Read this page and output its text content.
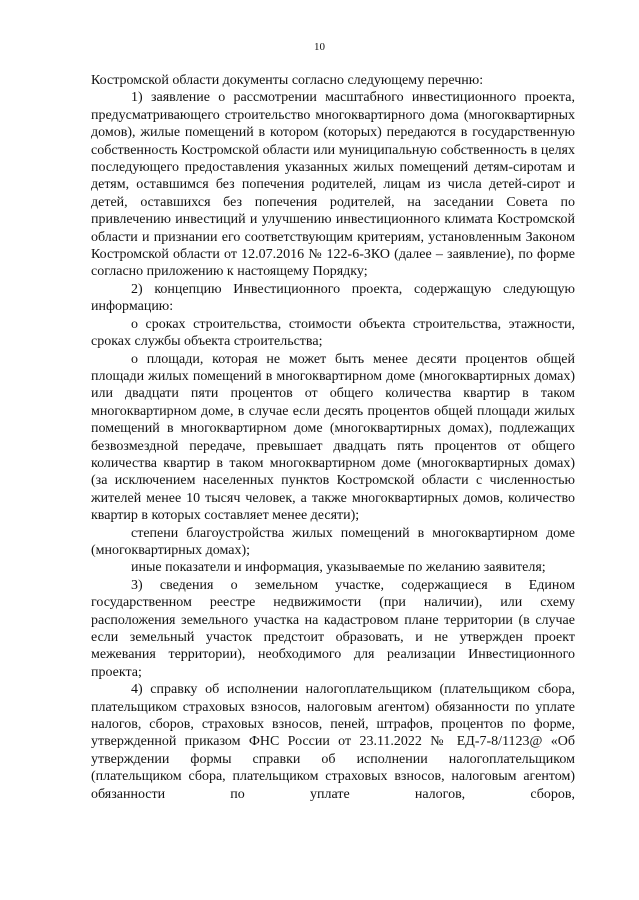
10

Костромской области документы согласно следующему перечню:

1) заявление о рассмотрении масштабного инвестиционного проекта, предусматривающего строительство многоквартирного дома (многоквартирных домов), жилые помещений в котором (которых) передаются в государственную собственность Костромской области или муниципальную собственность в целях последующего предоставления указанных жилых помещений детям-сиротам и детям, оставшимся без попечения родителей, лицам из числа детей-сирот и детей, оставшихся без попечения родителей, на заседании Совета по привлечению инвестиций и улучшению инвестиционного климата Костромской области и признании его соответствующим критериям, установленным Законом Костромской области от 12.07.2016 № 122-6-ЗКО (далее – заявление), по форме согласно приложению к настоящему Порядку;

2) концепцию Инвестиционного проекта, содержащую следующую информацию:

о сроках строительства, стоимости объекта строительства, этажности, сроках службы объекта строительства;

о площади, которая не может быть менее десяти процентов общей площади жилых помещений в многоквартирном доме (многоквартирных домах) или двадцати пяти процентов от общего количества квартир в таком многоквартирном доме, в случае если десять процентов общей площади жилых помещений в многоквартирном доме (многоквартирных домах), подлежащих безвозмездной передаче, превышает двадцать пять процентов от общего количества квартир в таком многоквартирном доме (многоквартирных домах) (за исключением населенных пунктов Костромской области с численностью жителей менее 10 тысяч человек, а также многоквартирных домов, количество квартир в которых составляет менее десяти);

степени благоустройства жилых помещений в многоквартирном доме (многоквартирных домах);

иные показатели и информация, указываемые по желанию заявителя;

3) сведения о земельном участке, содержащиеся в Едином государственном реестре недвижимости (при наличии), или схему расположения земельного участка на кадастровом плане территории (в случае если земельный участок предстоит образовать, и не утвержден проект межевания территории), необходимого для реализации Инвестиционного проекта;

4) справку об исполнении налогоплательщиком (плательщиком сбора, плательщиком страховых взносов, налоговым агентом) обязанности по уплате налогов, сборов, страховых взносов, пеней, штрафов, процентов по форме, утвержденной приказом ФНС России от 23.11.2022 № ЕД-7-8/1123@ «Об утверждении формы справки об исполнении налогоплательщиком (плательщиком сбора, плательщиком страховых взносов, налоговым агентом) обязанности по уплате налогов, сборов,
